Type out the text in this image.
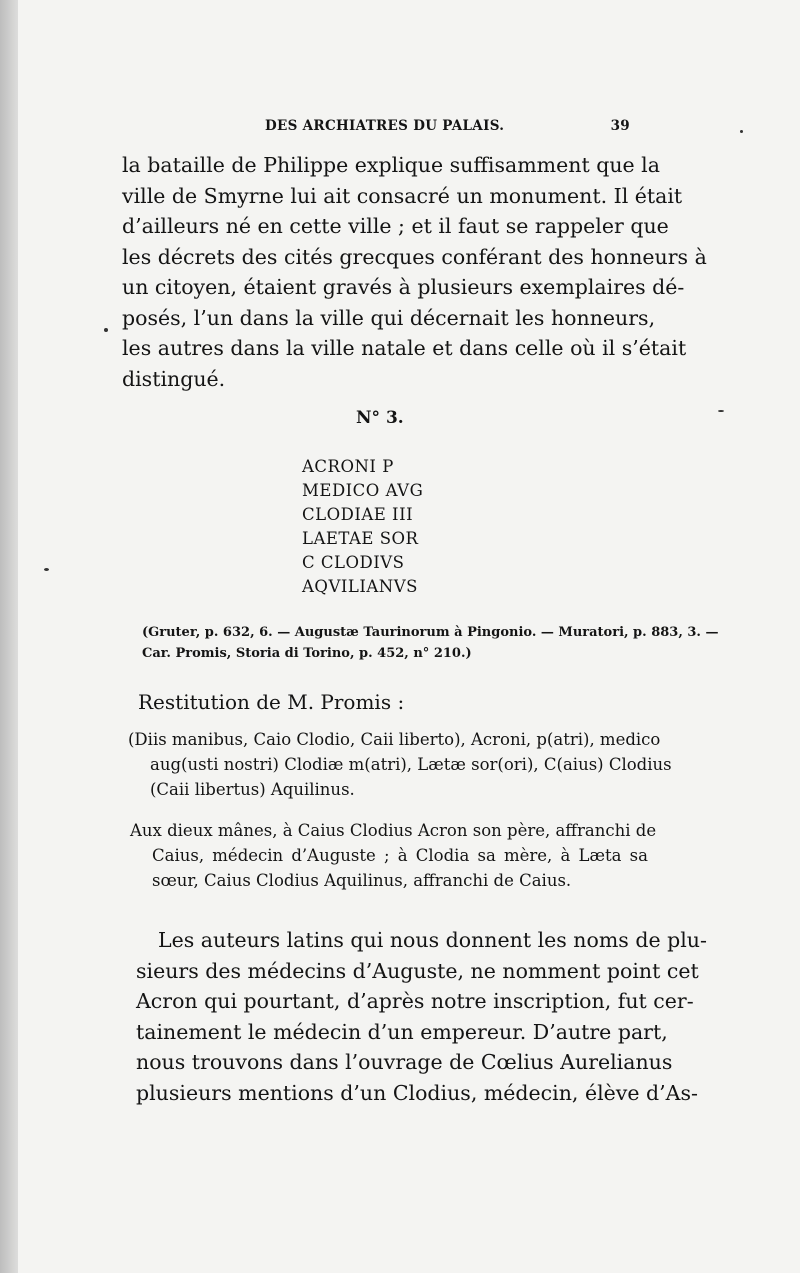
DES ARCHIATRES DU PALAIS.	39
la bataille de Philippe explique suffisamment que la
ville de Smyrne lui ait consacré un monument. Il était
d’ailleurs né en cette ville ; et il faut se rappeler que
les décrets des cités grecques conférant des honneurs à
un citoyen, étaient gravés à plusieurs exemplaires dé-
posés, l’un dans la ville qui décernait les honneurs,
les autres dans la ville natale et dans celle où il s’était
distingué.
N° 3.
ACRONI P
MEDICO AVG
CLODIAE III
LAETAE SOR
C CLODIVS
AQVILIANVS
(Gruter, p. 632, 6. — Augustæ Taurinorum à Pingonio. — Muratori, p. 883, 3. —
Car. Promis, Storia di Torino, p. 452, n° 210.)
Restitution de M. Promis :
(Diis manibus, Caio Clodio, Caii liberto), Acroni, p(atri), medico
aug(usti nostri) Clodiæ m(atri), Lætæ sor(ori), C(aius) Clodius
(Caii libertus) Aquilinus.
Aux dieux mânes, à Caius Clodius Acron son père, affranchi de
Caius, médecin d’Auguste ; à Clodia sa mère, à Læta sa
sœur, Caius Clodius Aquilinus, affranchi de Caius.
Les auteurs latins qui nous donnent les noms de plu-
sieurs des médecins d’Auguste, ne nomment point cet
Acron qui pourtant, d’après notre inscription, fut cer-
tainement le médecin d’un empereur. D’autre part,
nous trouvons dans l’ouvrage de Cœlius Aurelianus
plusieurs mentions d’un Clodius, médecin, élève d’As-
